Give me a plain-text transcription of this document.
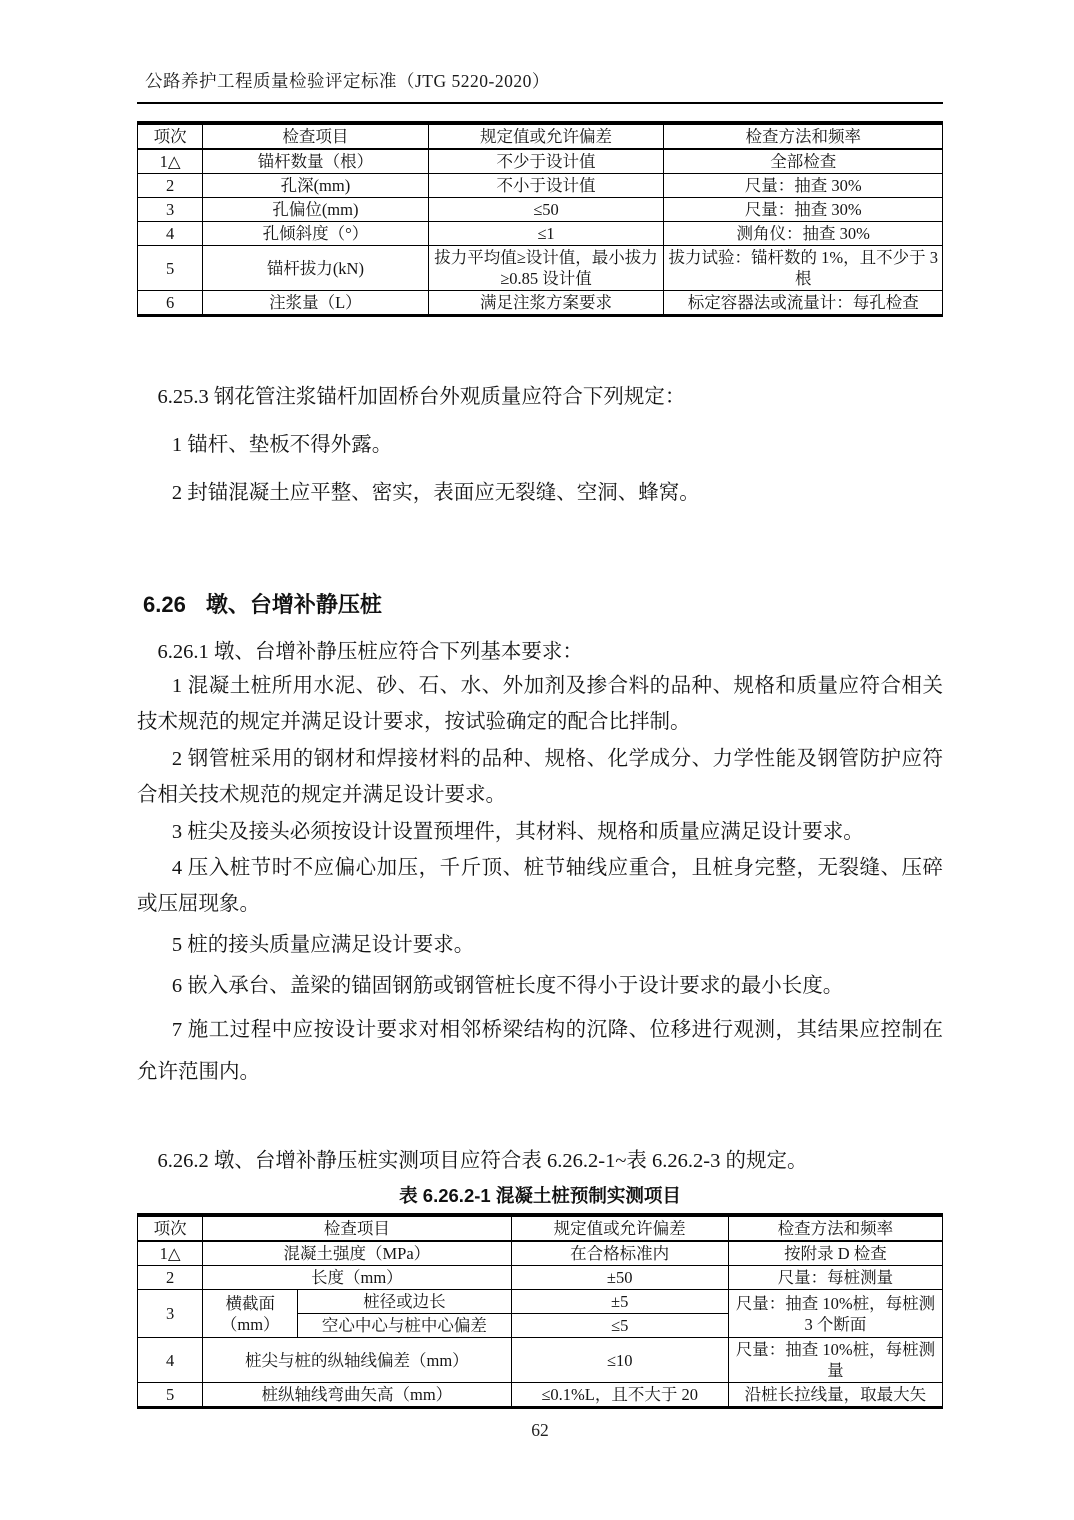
公路养护工程质量检验评定标准（JTG 5220-2020）
项次	检查项目	规定值或允许偏差	检查方法和频率
1△	锚杆数量（根）	不少于设计值	全部检查
2	孔深(mm)	不小于设计值	尺量：抽查 30%
3	孔偏位(mm)	≤50	尺量：抽查 30%
4	孔倾斜度（°）	≤1	测角仪：抽查 30%
5	锚杆拔力(kN)	拔力平均值≥设计值，最小拔力≥0.85 设计值	拔力试验：锚杆数的 1%，且不少于 3 根
6	注浆量（L）	满足注浆方案要求	标定容器法或流量计：每孔检查

6.25.3 钢花管注浆锚杆加固桥台外观质量应符合下列规定：

1 锚杆、垫板不得外露。

2 封锚混凝土应平整、密实，表面应无裂缝、空洞、蜂窝。

6.26 墩、台增补静压桩

6.26.1 墩、台增补静压桩应符合下列基本要求：

1 混凝土桩所用水泥、砂、石、水、外加剂及掺合料的品种、规格和质量应符合相关技术规范的规定并满足设计要求，按试验确定的配合比拌制。

2 钢管桩采用的钢材和焊接材料的品种、规格、化学成分、力学性能及钢管防护应符合相关技术规范的规定并满足设计要求。

3 桩尖及接头必须按设计设置预埋件，其材料、规格和质量应满足设计要求。

4 压入桩节时不应偏心加压，千斤顶、桩节轴线应重合，且桩身完整，无裂缝、压碎或压屈现象。

5 桩的接头质量应满足设计要求。

6 嵌入承台、盖梁的锚固钢筋或钢管桩长度不得小于设计要求的最小长度。

7 施工过程中应按设计要求对相邻桥梁结构的沉降、位移进行观测，其结果应控制在允许范围内。

6.26.2 墩、台增补静压桩实测项目应符合表 6.26.2-1~表 6.26.2-3 的规定。

表 6.26.2-1 混凝土桩预制实测项目
项次	检查项目		规定值或允许偏差	检查方法和频率
1△	混凝土强度（MPa）		在合格标准内	按附录 D 检查
2	长度（mm）		±50	尺量：每桩测量
3	横截面（mm）	桩径或边长	±5	尺量：抽查 10%桩，每桩测 3 个断面
		空心中心与桩中心偏差	≤5	
4	桩尖与桩的纵轴线偏差（mm）		≤10	尺量：抽查 10%桩，每桩测量
5	桩纵轴线弯曲矢高（mm）		≤0.1%L，且不大于 20	沿桩长拉线量，取最大矢
62
